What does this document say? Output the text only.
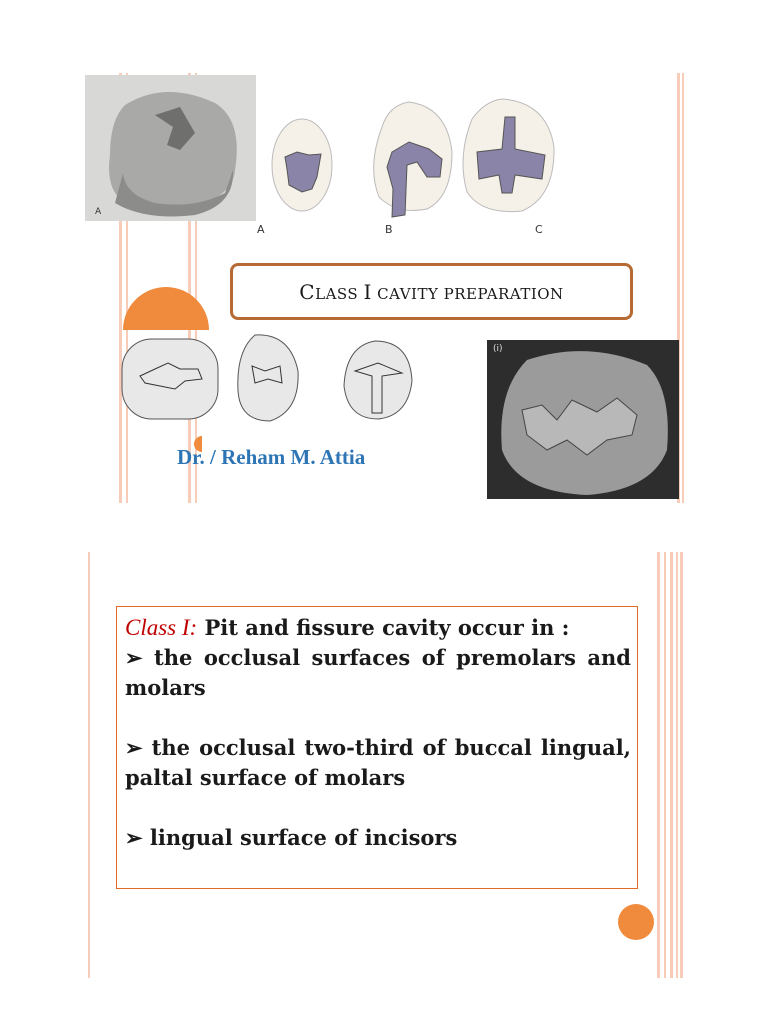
A
A	B	C
CLASS I CAVITY PREPARATION
(i)
Dr. / Reham M. Attia

Class I: Pit and fissure cavity occur in :

➢ the occlusal surfaces of premolars and molars

➢ the occlusal two-third of buccal lingual, paltal surface of molars

➢ lingual surface of incisors
